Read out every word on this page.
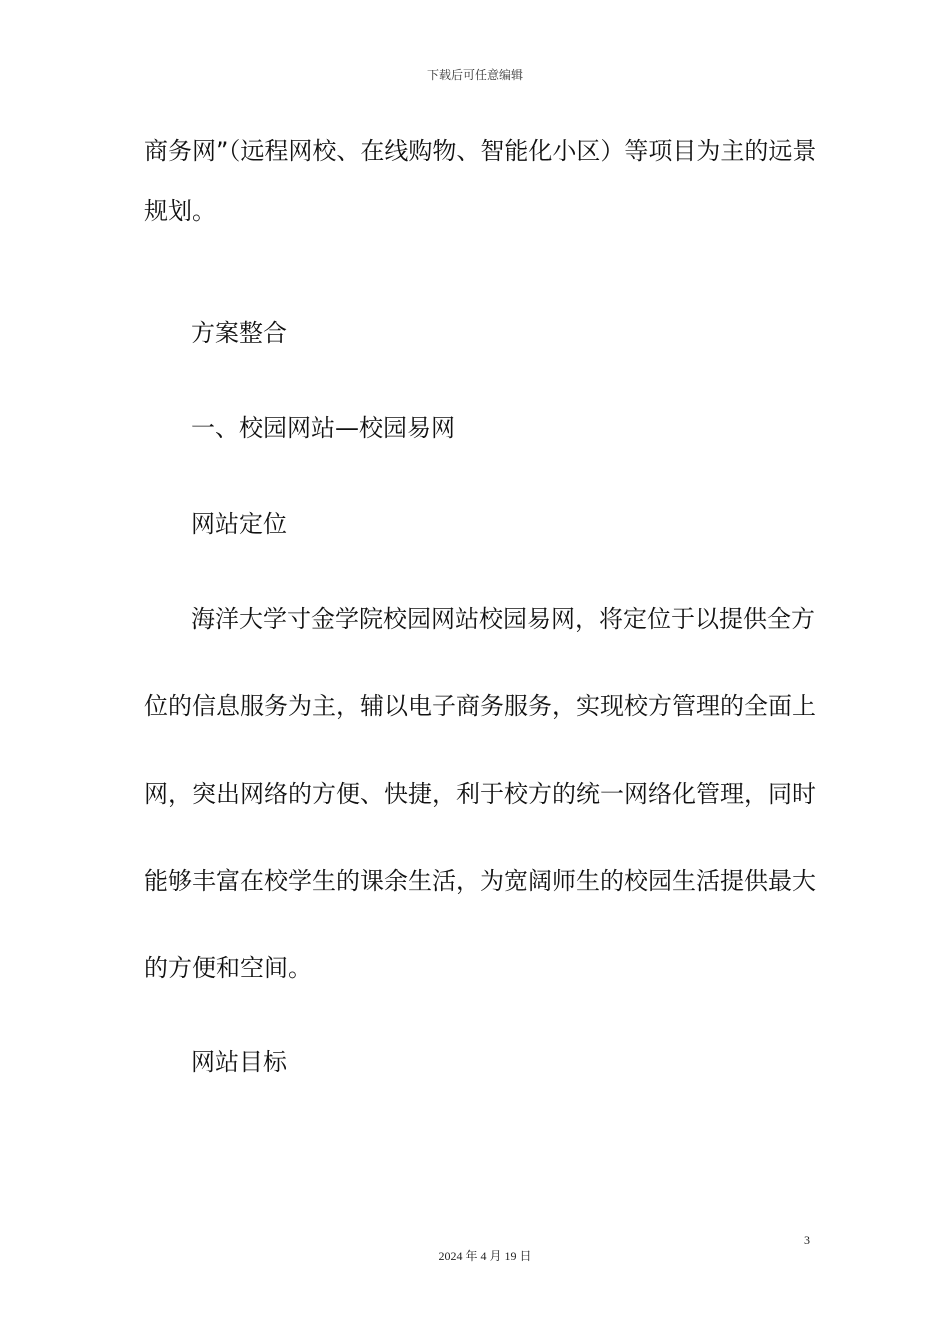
下载后可任意编辑
商务网”（远程网校、在线购物、智能化小区）等项目为主的远景
规划。
方案整合
一、校园网站—校园易网
网站定位
海洋大学寸金学院校园网站校园易网，将定位于以提供全方
位的信息服务为主，辅以电子商务服务，实现校方管理的全面上
网，突出网络的方便、快捷，利于校方的统一网络化管理，同时
能够丰富在校学生的课余生活，为宽阔师生的校园生活提供最大
的方便和空间。
网站目标
3
2024 年 4 月 19 日
